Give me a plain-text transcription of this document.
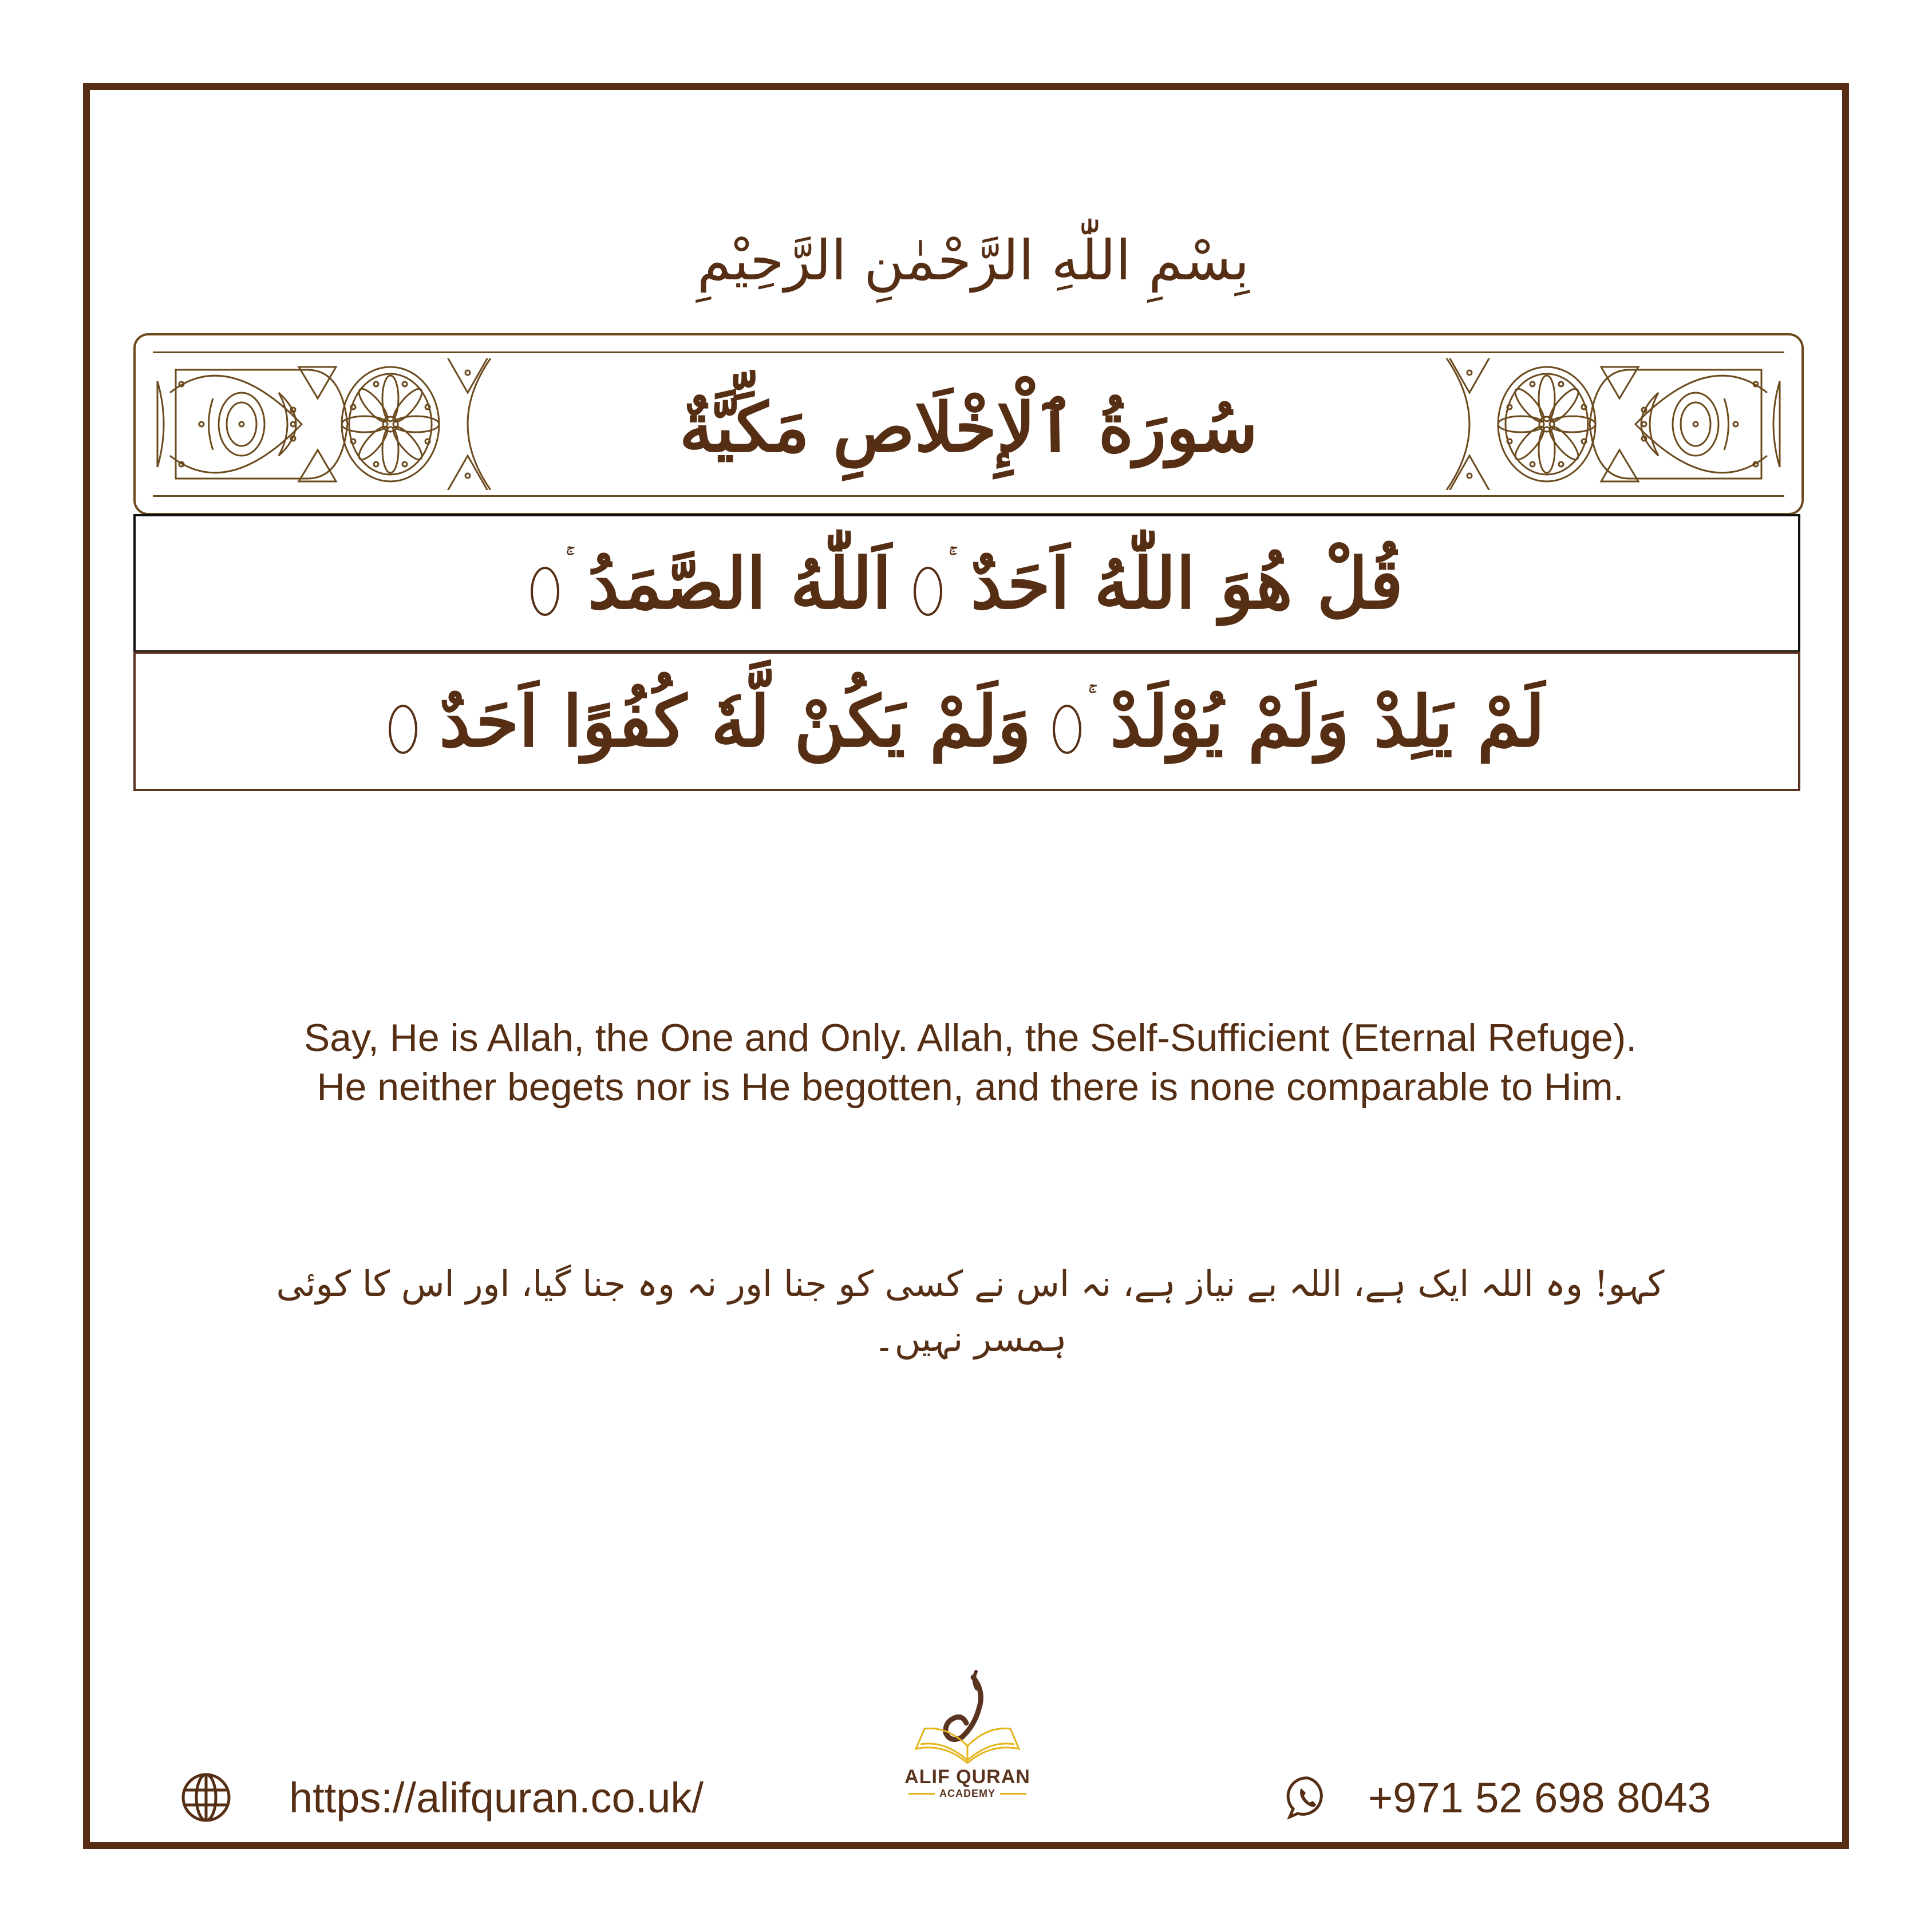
بِسْمِ اللّٰهِ الرَّحْمٰنِ الرَّحِيْمِ
سُورَةُ ٱلْإِخْلَاصِ مَكِّيَّةٌ
قُلْ هُوَ اللّٰهُ اَحَدٌ
اَللّٰهُ الصَّمَدُ
لَمْ يَلِدْ وَلَمْ يُوْلَدْ
وَلَمْ يَكُنْ لَّهٗ كُفُوًا اَحَدٌ
Say, He is Allah, the One and Only. Allah, the Self-Sufficient (Eternal Refuge). He neither begets nor is He begotten, and there is none comparable to Him.
کہو! وہ اللہ ایک ہے، اللہ بے نیاز ہے، نہ اس نے کسی کو جنا اور نہ وہ جنا گیا، اور اس کا کوئی ہمسر نہیں۔
ALIF QURAN
ACADEMY
https://alifquran.co.uk/	+971 52 698 8043
